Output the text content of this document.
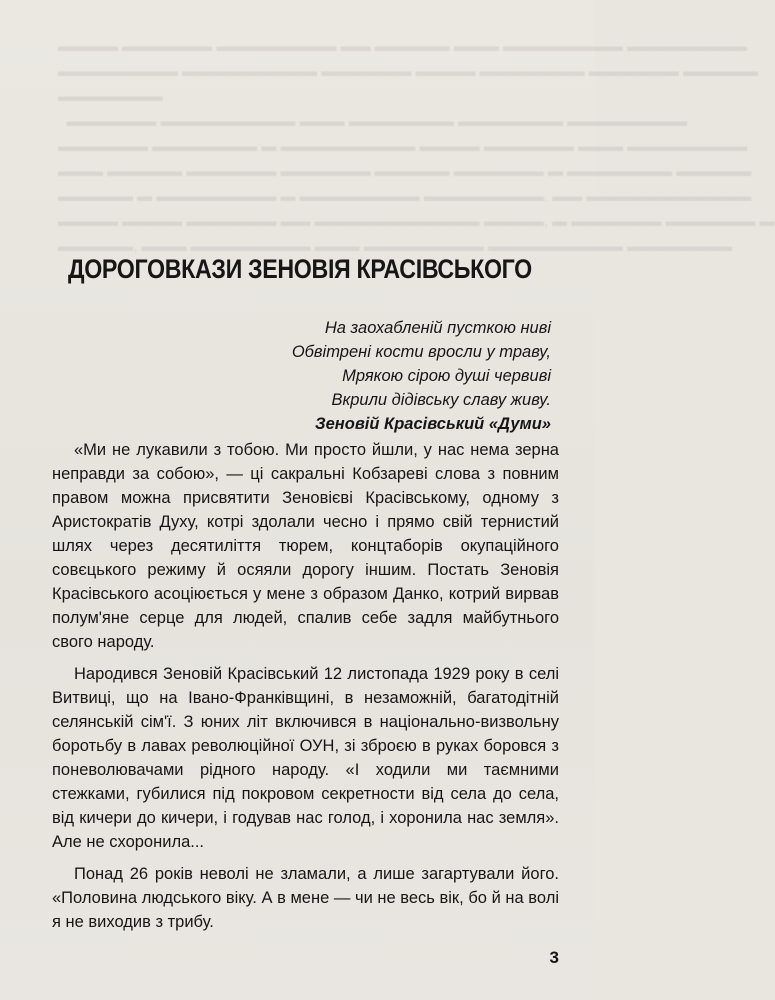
▬▬▬▬ ▬▬▬▬▬▬ ▬▬▬▬▬▬▬▬ ▬▬ ▬▬▬▬▬ ▬▬▬ ▬▬▬▬▬▬▬▬ ▬▬▬▬▬▬▬▬
▬▬▬▬▬▬▬▬ ▬▬▬▬▬▬▬▬▬ ▬▬▬▬▬▬ ▬▬▬▬ ▬▬▬▬▬▬▬ ▬▬▬▬▬▬ ▬▬▬▬▬
▬▬▬▬▬▬▬
▬▬▬▬▬▬ ▬▬▬▬▬▬▬▬▬ ▬▬▬ ▬▬▬▬▬▬▬ ▬▬▬▬▬▬▬ ▬▬▬▬▬▬▬▬
▬▬▬▬▬▬ ▬▬▬▬▬▬▬ ▬ ▬▬▬▬▬▬▬▬▬ ▬▬▬▬ ▬▬▬▬▬▬ ▬▬▬ ▬▬▬▬▬▬▬▬
▬▬▬ ▬▬▬▬▬ ▬▬▬▬▬▬ ▬▬▬▬▬▬ ▬▬▬▬▬ ▬▬▬▬▬▬ ▬ ▬▬▬▬▬▬▬ ▬▬▬▬▬
▬▬▬▬▬ ▬ ▬▬▬▬▬▬▬▬ ▬ ▬▬▬▬▬▬▬▬ ▬▬▬▬▬▬▬▬. ▬▬ ▬▬▬▬▬▬▬▬▬▬▬
▬▬▬▬ ▬▬▬▬ ▬▬▬▬▬▬ ▬▬ ▬▬▬▬▬▬▬▬▬▬▬ ▬▬▬▬, ▬ ▬▬▬▬▬▬ ▬▬▬▬▬▬ ▬
▬▬▬▬▬, ▬▬▬ ▬▬▬▬▬▬▬▬ ▬▬▬ ▬▬▬▬▬▬▬▬ ▬▬▬▬▬▬▬▬▬ ▬▬▬▬▬▬▬
ДОРОГОВКАЗИ ЗЕНОВІЯ КРАСІВСЬКОГО
На заохабленій пусткою ниві
Обвітрені кости вросли у траву,
Мрякою сірою душі червиві
Вкрили дідівську славу живу.
Зеновій Красівський «Думи»

«Ми не лукавили з тобою. Ми просто йшли, у нас нема зерна неправди за собою», — ці сакральні Кобзареві слова з повним правом можна присвятити Зеновієві Красівському, одному з Аристократів Духу, котрі здолали чесно і прямо свій тернистий шлях через десятиліття тюрем, концтаборів окупаційного совєцького режиму й осяяли дорогу іншим. Постать Зеновія Красівського асоціюється у мене з образом Данко, котрий вирвав полум'яне серце для людей, спалив себе задля майбутнього свого народу.

Народився Зеновій Красівський 12 листопада 1929 року в селі Витвиці, що на Івано-Франківщині, в незаможній, багатодітній селянській сім'ї. З юних літ включився в національно-визвольну боротьбу в лавах революційної ОУН, зі зброєю в руках боровся з поневолювачами рідного народу. «І ходили ми таємними стежками, губилися під покровом секретности від села до села, від кичери до кичери, і годував нас голод, і хоронила нас земля». Але не схоронила...

Понад 26 років неволі не зламали, а лише загартували його. «Половина людського віку. А в мене — чи не весь вік, бо й на волі я не виходив з трибу.

3
